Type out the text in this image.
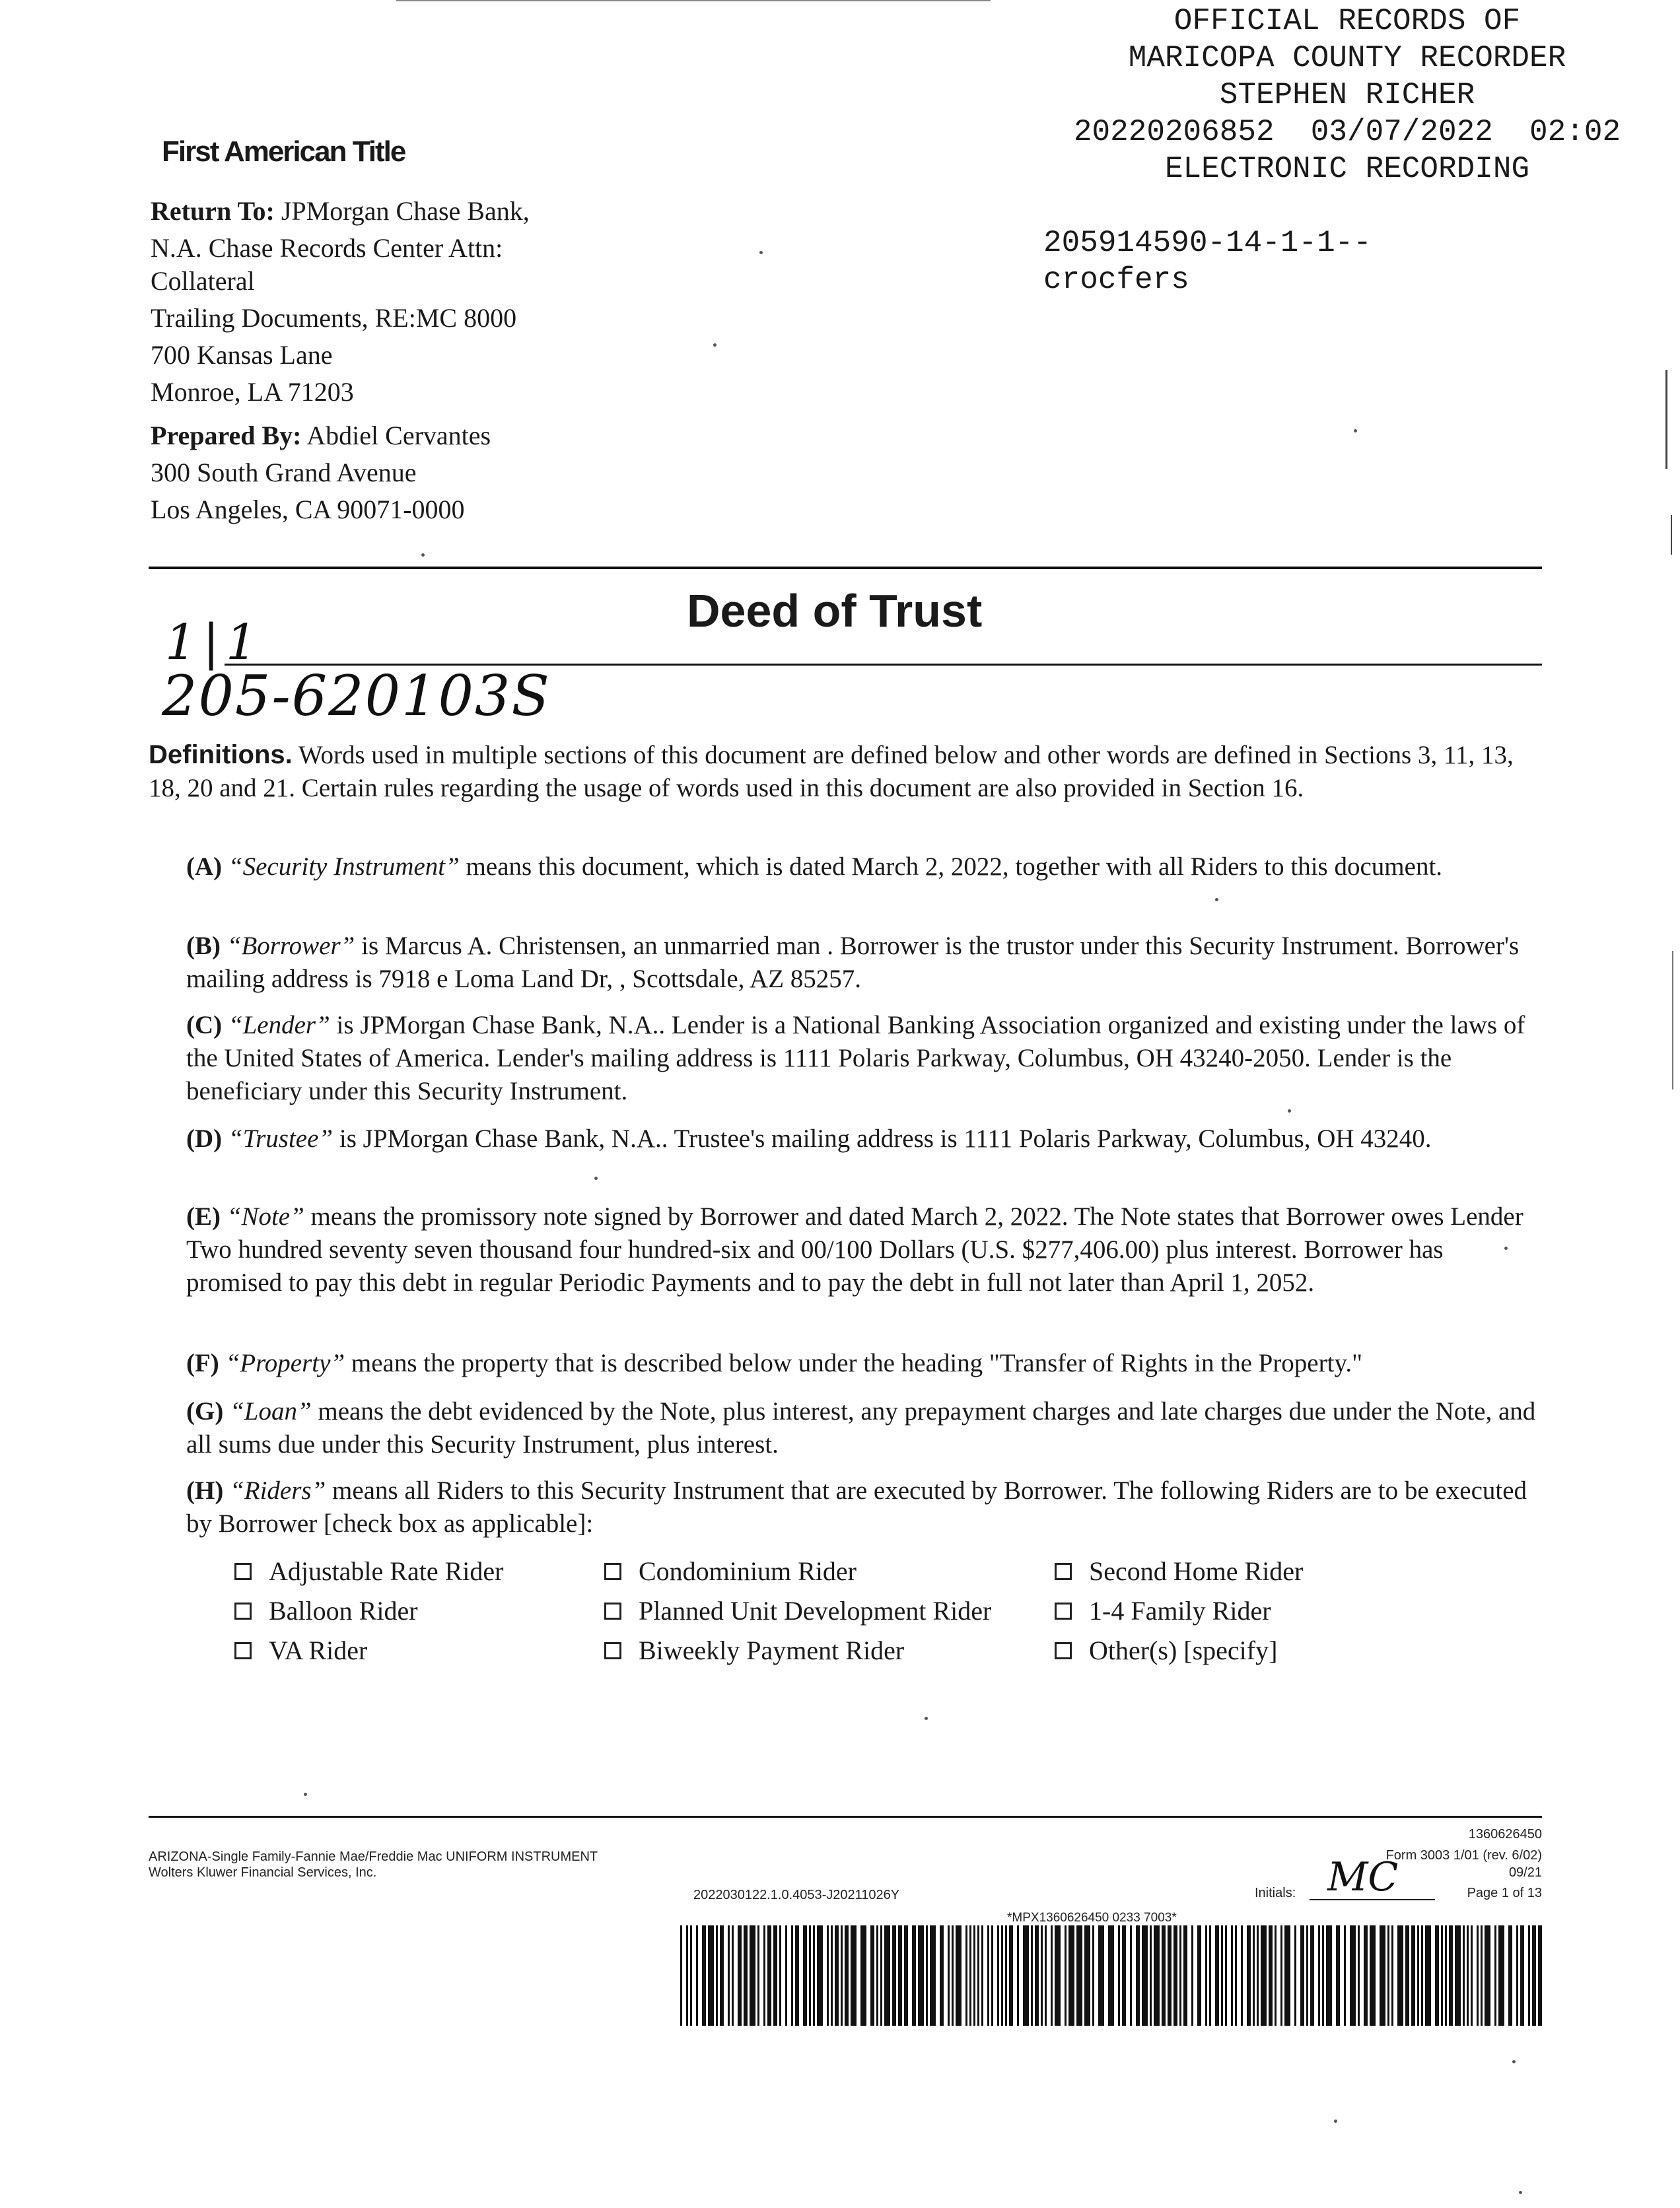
OFFICIAL RECORDS OF
MARICOPA COUNTY RECORDER
STEPHEN RICHER
20220206852  03/07/2022  02:02
ELECTRONIC RECORDING
205914590-14-1-1--
crocfers
First American Title
Return To: JPMorgan Chase Bank,
N.A. Chase Records Center Attn:
Collateral
Trailing Documents, RE:MC 8000
700 Kansas Lane
Monroe, LA 71203
Prepared By: Abdiel Cervantes
300 South Grand Avenue
Los Angeles, CA 90071-0000
Deed of Trust
1|1
205-620103S
Definitions. Words used in multiple sections of this document are defined below and other words are defined in Sections 3, 11, 13, 18, 20 and 21. Certain rules regarding the usage of words used in this document are also provided in Section 16.
(A) “Security Instrument” means this document, which is dated March 2, 2022, together with all Riders to this document.
(B) “Borrower” is Marcus A. Christensen, an unmarried man . Borrower is the trustor under this Security Instrument. Borrower's mailing address is 7918 e Loma Land Dr, , Scottsdale, AZ 85257.
(C) “Lender” is JPMorgan Chase Bank, N.A.. Lender is a National Banking Association organized and existing under the laws of the United States of America. Lender's mailing address is 1111 Polaris Parkway, Columbus, OH 43240-2050. Lender is the beneficiary under this Security Instrument.
(D) “Trustee” is JPMorgan Chase Bank, N.A.. Trustee's mailing address is 1111 Polaris Parkway, Columbus, OH 43240.
(E) “Note” means the promissory note signed by Borrower and dated March 2, 2022. The Note states that Borrower owes Lender Two hundred seventy seven thousand four hundred-six and 00/100 Dollars (U.S. $277,406.00) plus interest. Borrower has promised to pay this debt in regular Periodic Payments and to pay the debt in full not later than April 1, 2052.
(F) “Property” means the property that is described below under the heading "Transfer of Rights in the Property."
(G) “Loan” means the debt evidenced by the Note, plus interest, any prepayment charges and late charges due under the Note, and all sums due under this Security Instrument, plus interest.
(H) “Riders” means all Riders to this Security Instrument that are executed by Borrower. The following Riders are to be executed by Borrower [check box as applicable]:
Adjustable Rate Rider	Condominium Rider	Second Home Rider
Balloon Rider	Planned Unit Development Rider	1-4 Family Rider
VA Rider	Biweekly Payment Rider	Other(s) [specify]
ARIZONA-Single Family-Fannie Mae/Freddie Mac UNIFORM INSTRUMENT
Wolters Kluwer Financial Services, Inc.
2022030122.1.0.4053-J20211026Y
1360626450
Form 3003 1/01 (rev. 6/02)
09/21
Initials: MC	Page 1 of 13
*MPX1360626450 0233 7003*
